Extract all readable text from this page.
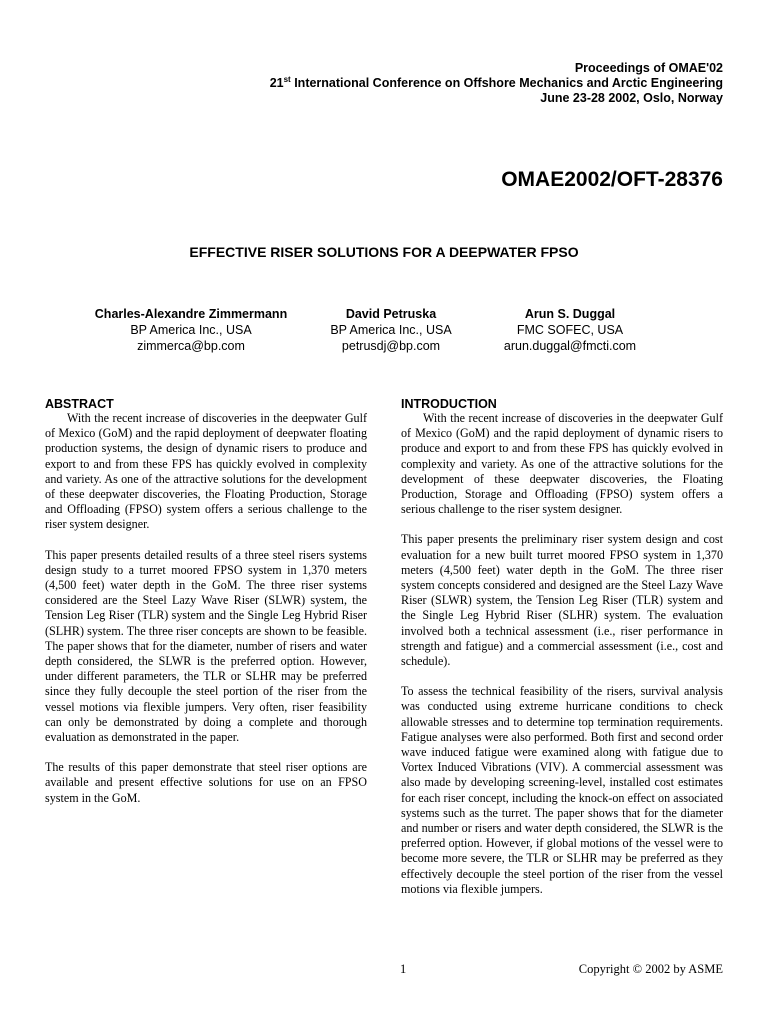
Proceedings of OMAE'02
21st International Conference on Offshore Mechanics and Arctic Engineering
June 23-28 2002, Oslo, Norway
OMAE2002/OFT-28376
EFFECTIVE RISER SOLUTIONS FOR A DEEPWATER FPSO
Charles-Alexandre Zimmermann
BP America Inc., USA
zimmerca@bp.com
David Petruska
BP America Inc., USA
petrusdj@bp.com
Arun S. Duggal
FMC SOFEC, USA
arun.duggal@fmcti.com

ABSTRACT

With the recent increase of discoveries in the deepwater Gulf of Mexico (GoM) and the rapid deployment of deepwater floating production systems, the design of dynamic risers to produce and export to and from these FPS has quickly evolved in complexity and variety. As one of the attractive solutions for the development of these deepwater discoveries, the Floating Production, Storage and Offloading (FPSO) system offers a serious challenge to the riser system designer.

This paper presents detailed results of a three steel risers systems design study to a turret moored FPSO system in 1,370 meters (4,500 feet) water depth in the GoM. The three riser systems considered are the Steel Lazy Wave Riser (SLWR) system, the Tension Leg Riser (TLR) system and the Single Leg Hybrid Riser (SLHR) system. The three riser concepts are shown to be feasible. The paper shows that for the diameter, number of risers and water depth considered, the SLWR is the preferred option. However, under different parameters, the TLR or SLHR may be preferred since they fully decouple the steel portion of the riser from the vessel motions via flexible jumpers. Very often, riser feasibility can only be demonstrated by doing a complete and thorough evaluation as demonstrated in the paper.

The results of this paper demonstrate that steel riser options are available and present effective solutions for use on an FPSO system in the GoM.

INTRODUCTION

With the recent increase of discoveries in the deepwater Gulf of Mexico (GoM) and the rapid deployment of dynamic risers to produce and export to and from these FPS has quickly evolved in complexity and variety. As one of the attractive solutions for the development of these deepwater discoveries, the Floating Production, Storage and Offloading (FPSO) system offers a serious challenge to the riser system designer.

This paper presents the preliminary riser system design and cost evaluation for a new built turret moored FPSO system in 1,370 meters (4,500 feet) water depth in the GoM. The three riser system concepts considered and designed are the Steel Lazy Wave Riser (SLWR) system, the Tension Leg Riser (TLR) system and the Single Leg Hybrid Riser (SLHR) system. The evaluation involved both a technical assessment (i.e., riser performance in strength and fatigue) and a commercial assessment (i.e., cost and schedule).

To assess the technical feasibility of the risers, survival analysis was conducted using extreme hurricane conditions to check allowable stresses and to determine top termination requirements. Fatigue analyses were also performed. Both first and second order wave induced fatigue were examined along with fatigue due to Vortex Induced Vibrations (VIV). A commercial assessment was also made by developing screening-level, installed cost estimates for each riser concept, including the knock-on effect on associated systems such as the turret. The paper shows that for the diameter and number or risers and water depth considered, the SLWR is the preferred option. However, if global motions of the vessel were to become more severe, the TLR or SLHR may be preferred as they effectively decouple the steel portion of the riser from the vessel motions via flexible jumpers.

1	Copyright © 2002 by ASME
